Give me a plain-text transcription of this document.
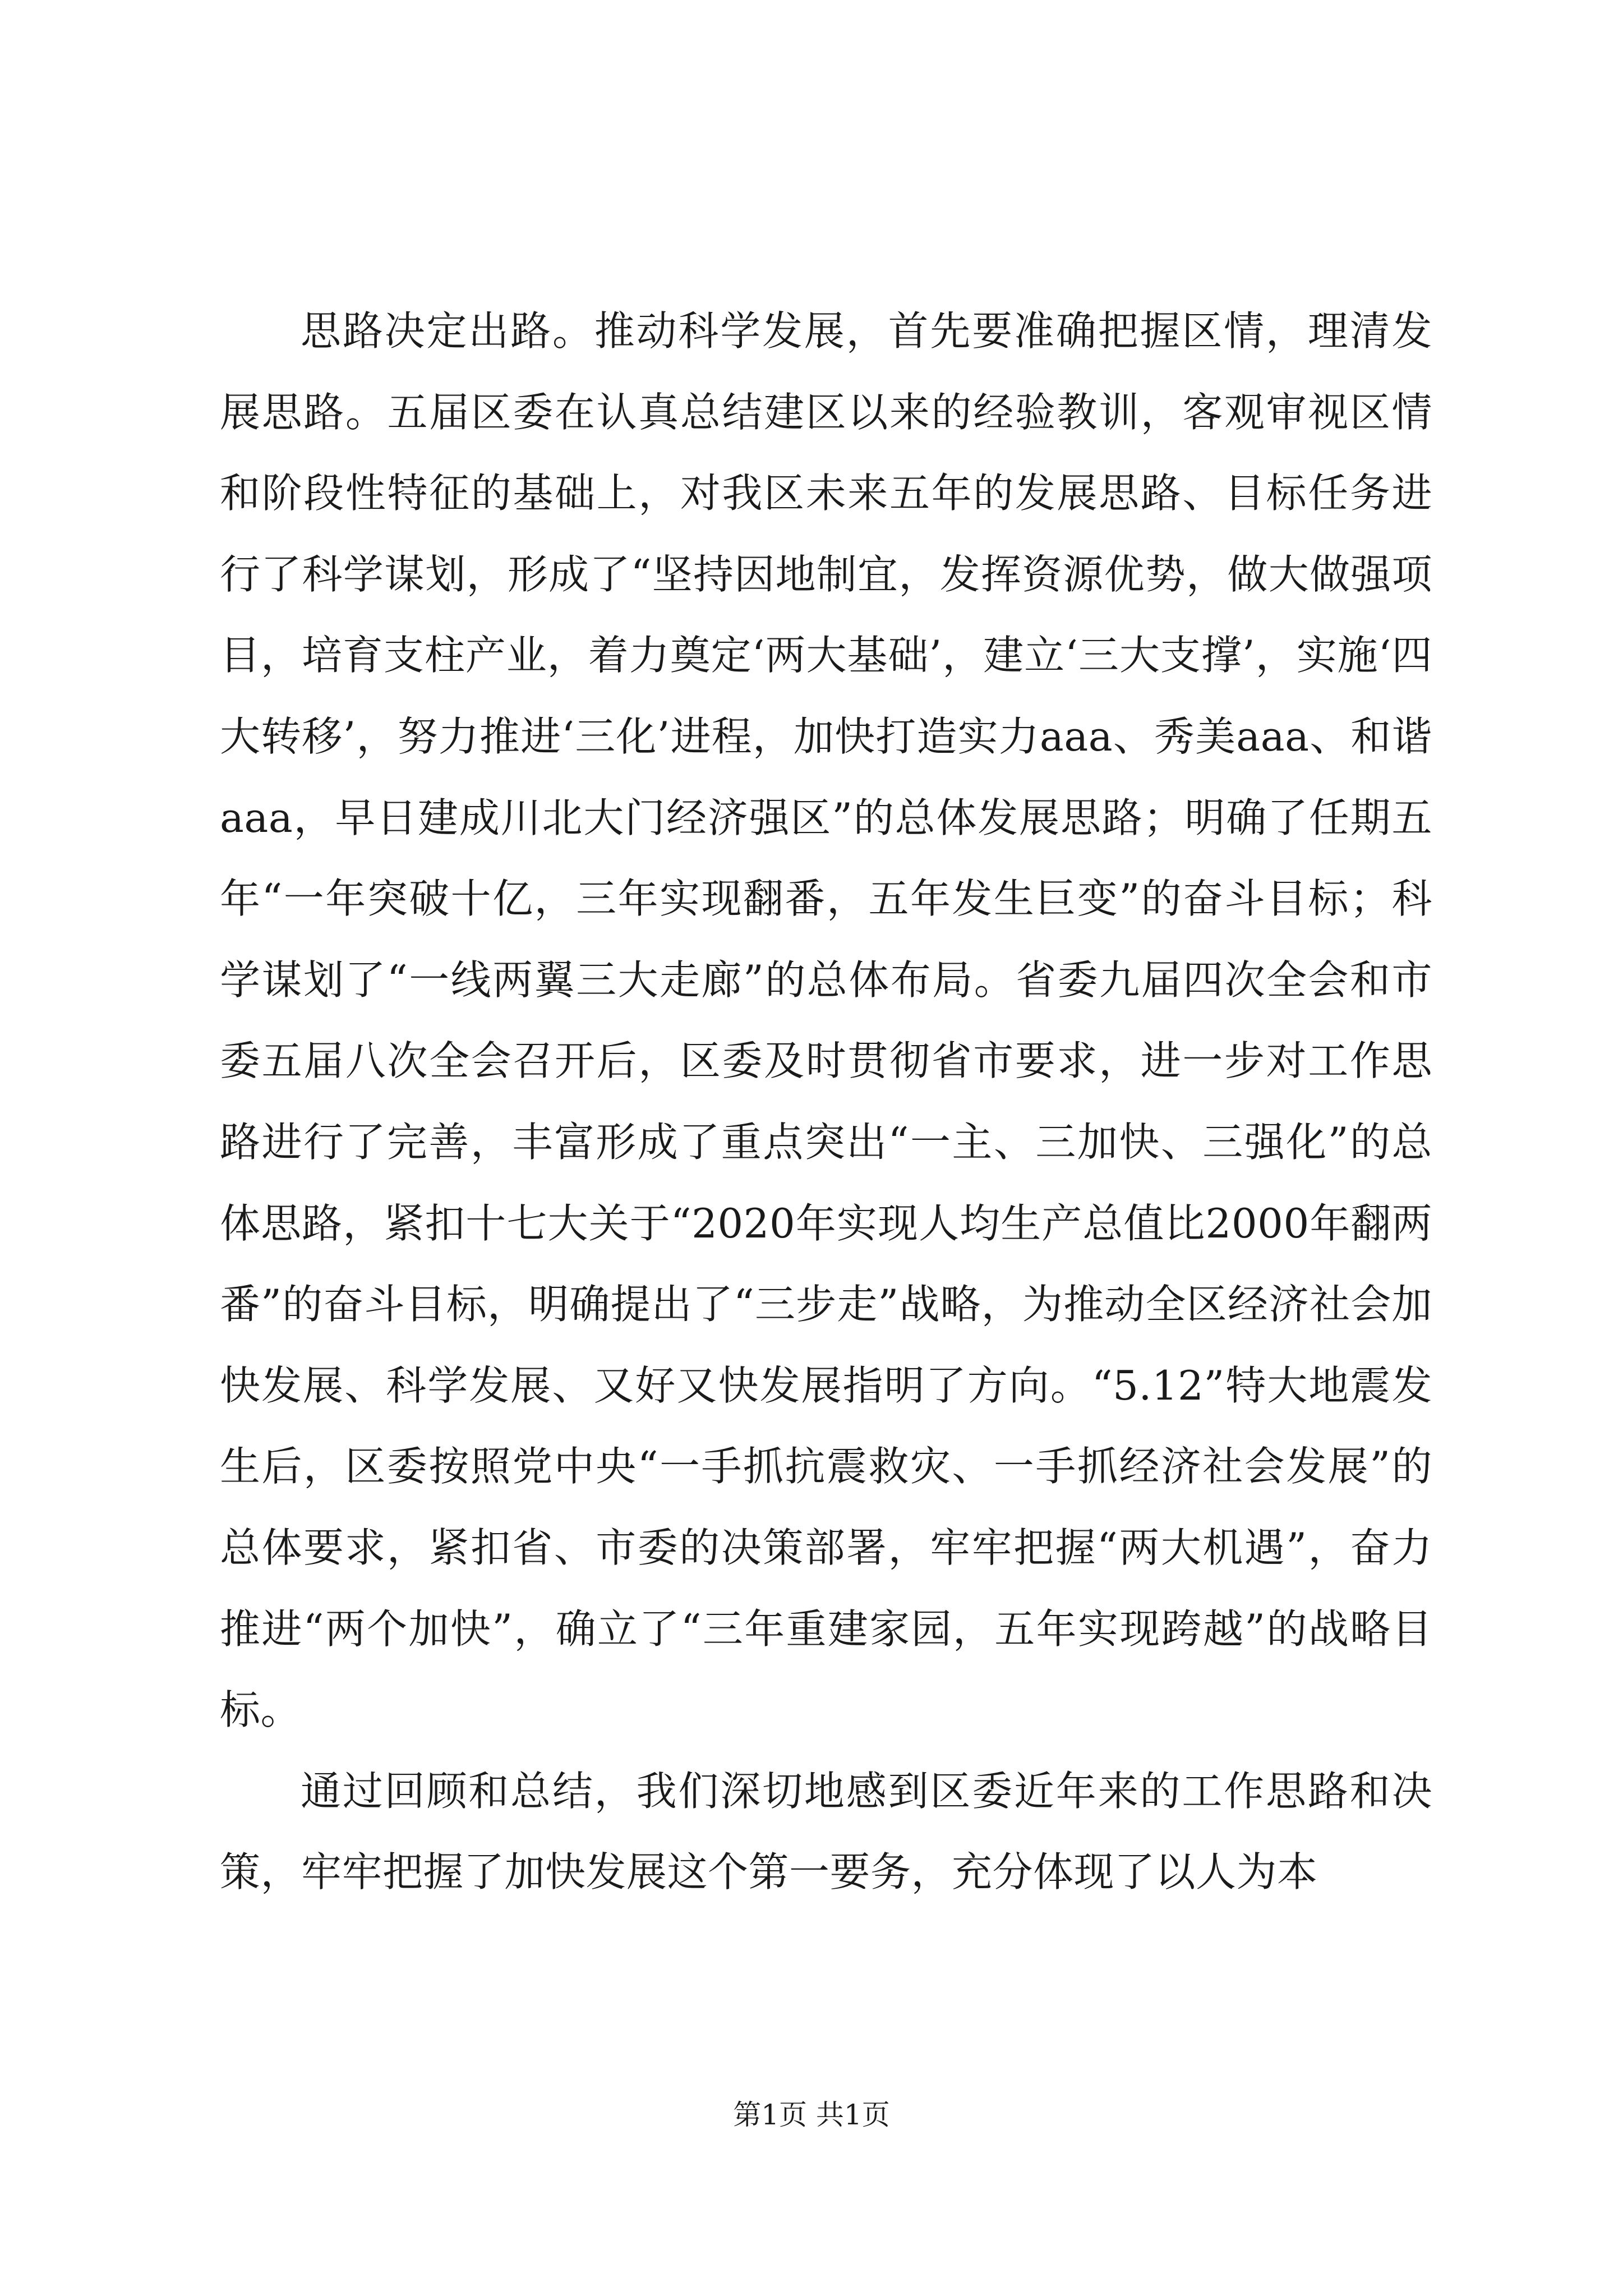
思路决定出路。推动科学发展，首先要准确把握区情，理清发展思路。五届区委在认真总结建区以来的经验教训，客观审视区情和阶段性特征的基础上，对我区未来五年的发展思路、目标任务进行了科学谋划，形成了“坚持因地制宜，发挥资源优势，做大做强项目，培育支柱产业，着力奠定‘两大基础’，建立‘三大支撑’，实施‘四大转移’，努力推进‘三化’进程，加快打造实力aaa、秀美aaa、和谐aaa，早日建成川北大门经济强区”的总体发展思路；明确了任期五年“一年突破十亿，三年实现翻番，五年发生巨变”的奋斗目标；科学谋划了“一线两翼三大走廊”的总体布局。省委九届四次全会和市委五届八次全会召开后，区委及时贯彻省市要求，进一步对工作思路进行了完善，丰富形成了重点突出“一主、三加快、三强化”的总体思路，紧扣十七大关于“2020年实现人均生产总值比2000年翻两番”的奋斗目标，明确提出了“三步走”战略，为推动全区经济社会加快发展、科学发展、又好又快发展指明了方向。“5.12”特大地震发生后，区委按照党中央“一手抓抗震救灾、一手抓经济社会发展”的总体要求，紧扣省、市委的决策部署，牢牢把握“两大机遇”，奋力推进“两个加快”，确立了“三年重建家园，五年实现跨越”的战略目标。

通过回顾和总结，我们深切地感到区委近年来的工作思路和决策，牢牢把握了加快发展这个第一要务，充分体现了以人为本

第1页 共1页
